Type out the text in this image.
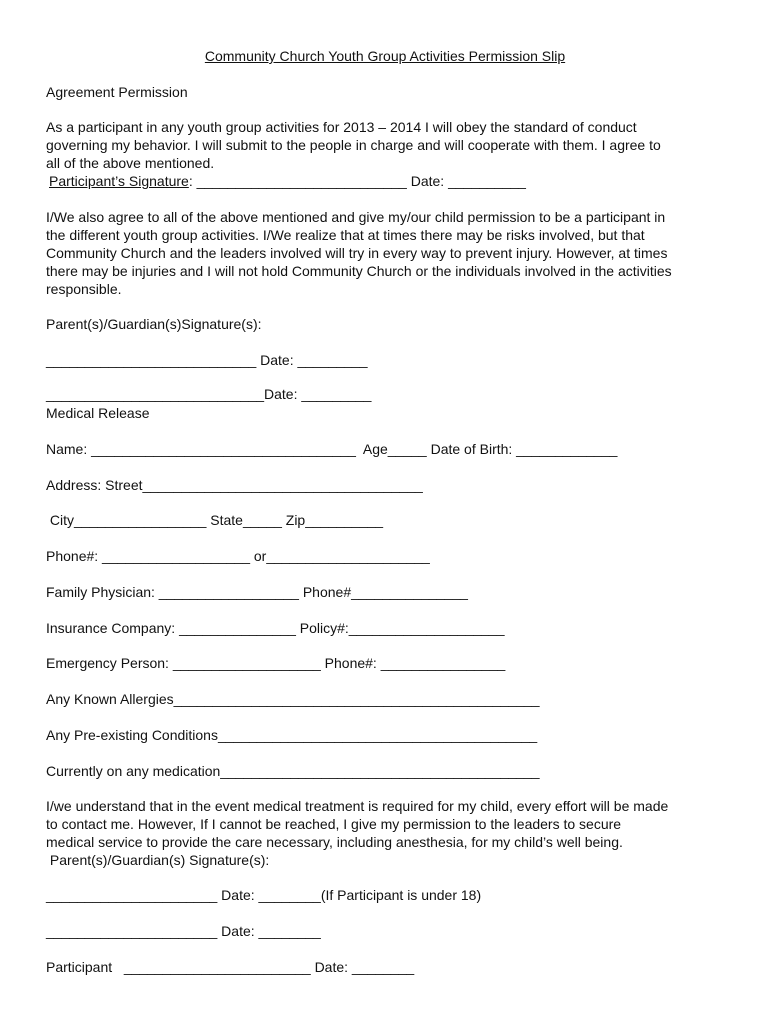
Community Church Youth Group Activities Permission Slip
Agreement Permission

As a participant in any youth group activities for 2013 – 2014 I will obey the standard of conduct

governing my behavior. I will submit to the people in charge and will cooperate with them. I agree to

all of the above mentioned.

Participant’s Signature: ___________________________ Date: __________

I/We also agree to all of the above mentioned and give my/our child permission to be a participant in

the different youth group activities. I/We realize that at times there may be risks involved, but that

Community Church and the leaders involved will try in every way to prevent injury. However, at times

there may be injuries and I will not hold Community Church or the individuals involved in the activities

responsible.

Parent(s)/Guardian(s)Signature(s):
___________________________ Date: _________
____________________________Date: _________
Medical Release
Name: __________________________________  Age_____ Date of Birth: _____________
Address: Street____________________________________
City_________________ State_____ Zip__________
Phone#: ___________________ or_____________________
Family Physician: __________________ Phone#_______________
Insurance Company: _______________ Policy#:____________________
Emergency Person: ___________________ Phone#: ________________
Any Known Allergies_______________________________________________
Any Pre-existing Conditions_________________________________________
Currently on any medication_________________________________________

I/we understand that in the event medical treatment is required for my child, every effort will be made

to contact me. However, If I cannot be reached, I give my permission to the leaders to secure

medical service to provide the care necessary, including anesthesia, for my child’s well being.

Parent(s)/Guardian(s) Signature(s):
______________________ Date: ________(If Participant is under 18)
______________________ Date: ________
Participant   ________________________ Date: ________
